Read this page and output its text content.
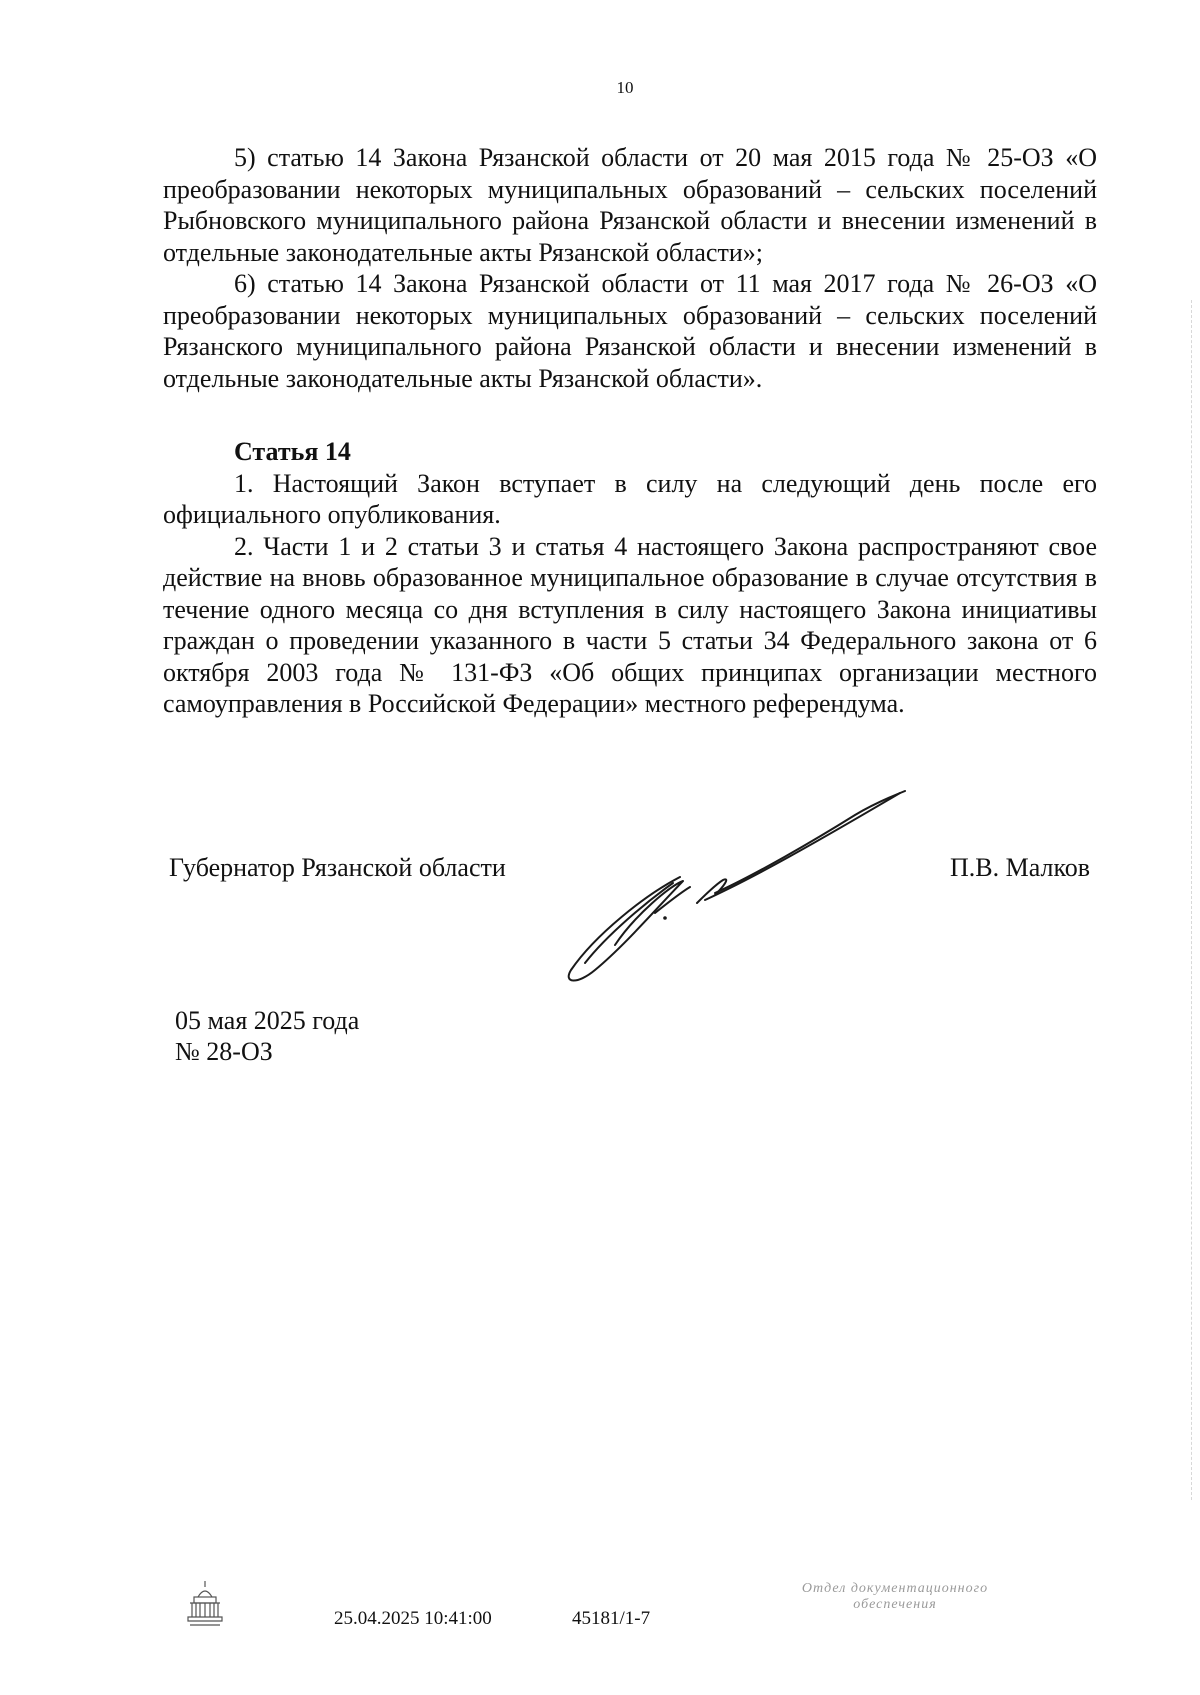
10

5) статью 14 Закона Рязанской области от 20 мая 2015 года № 25-ОЗ «О преобразовании некоторых муниципальных образований – сельских поселений Рыбновского муниципального района Рязанской области и внесении изменений в отдельные законодательные акты Рязанской области»;

6) статью 14 Закона Рязанской области от 11 мая 2017 года № 26-ОЗ «О преобразовании некоторых муниципальных образований – сельских поселений Рязанского муниципального района Рязанской области и внесении изменений в отдельные законодательные акты Рязанской области».

Статья 14

1. Настоящий Закон вступает в силу на следующий день после его официального опубликования.

2. Части 1 и 2 статьи 3 и статья 4 настоящего Закона распространяют свое действие на вновь образованное муниципальное образование в случае отсутствия в течение одного месяца со дня вступления в силу настоящего Закона инициативы граждан о проведении указанного в части 5 статьи 34 Федерального закона от 6 октября 2003 года № 131-ФЗ «Об общих принципах организации местного самоуправления в Российской Федерации» местного референдума.

Губернатор Рязанской области	П.В. Малков
05 мая 2025 года
№ 28-ОЗ
25.04.2025 10:41:00	45181/1-7
Отдел документационного
обеспечения
